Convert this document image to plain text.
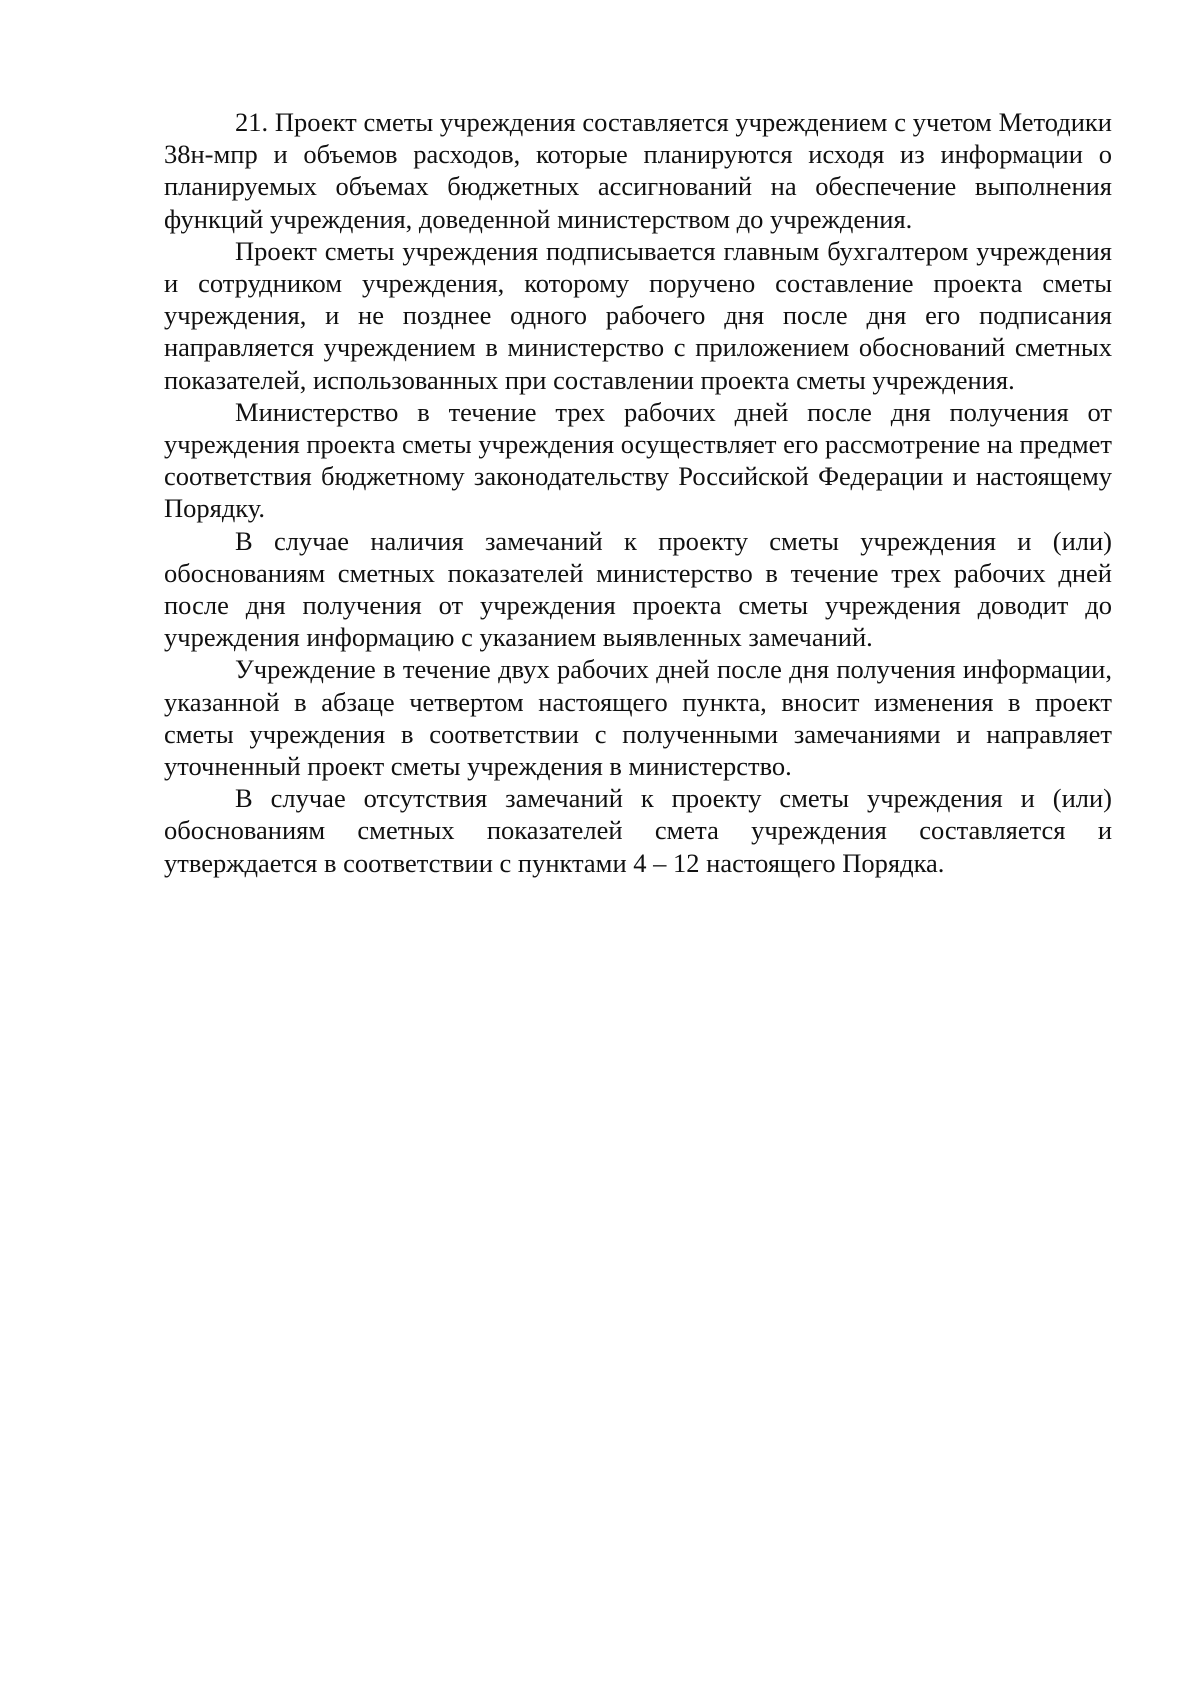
21. Проект сметы учреждения составляется учреждением с учетом Методики 38н-мпр и объемов расходов, которые планируются исходя из информации о планируемых объемах бюджетных ассигнований на обеспечение выполнения функций учреждения, доведенной министерством до учреждения.

Проект сметы учреждения подписывается главным бухгалтером учреждения и сотрудником учреждения, которому поручено составление проекта сметы учреждения, и не позднее одного рабочего дня после дня его подписания направляется учреждением в министерство с приложением обоснований сметных показателей, использованных при составлении проекта сметы учреждения.

Министерство в течение трех рабочих дней после дня получения от учреждения проекта сметы учреждения осуществляет его рассмотрение на предмет соответствия бюджетному законодательству Российской Федерации и настоящему Порядку.

В случае наличия замечаний к проекту сметы учреждения и (или) обоснованиям сметных показателей министерство в течение трех рабочих дней после дня получения от учреждения проекта сметы учреждения доводит до учреждения информацию с указанием выявленных замечаний.

Учреждение в течение двух рабочих дней после дня получения информации, указанной в абзаце четвертом настоящего пункта, вносит изменения в проект сметы учреждения в соответствии с полученными замечаниями и направляет уточненный проект сметы учреждения в министерство.

В случае отсутствия замечаний к проекту сметы учреждения и (или) обоснованиям сметных показателей смета учреждения составляется и утверждается в соответствии с пунктами 4 – 12 настоящего Порядка.
